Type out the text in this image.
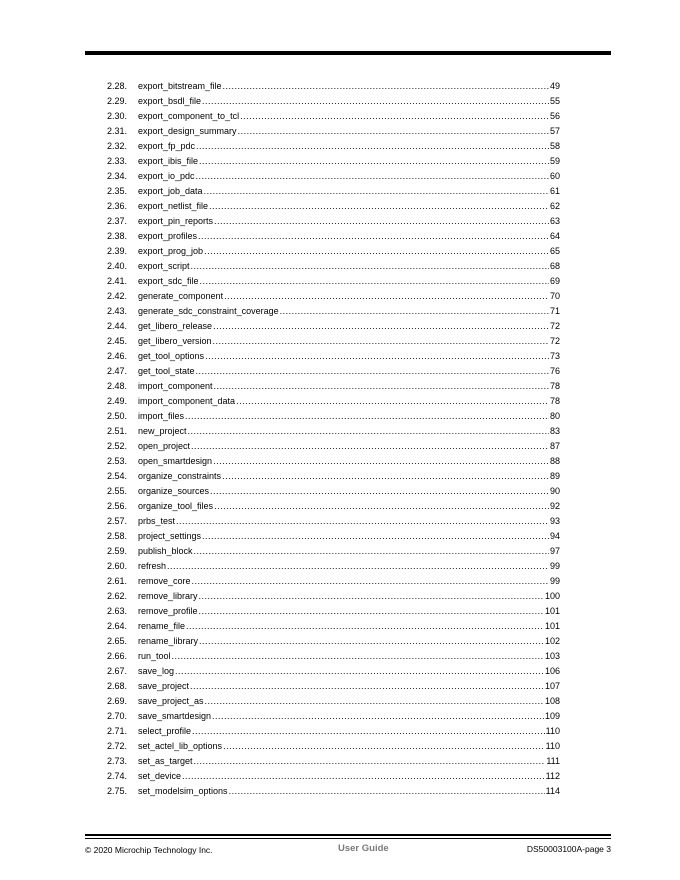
2.28.	export_bitstream_file .....	49
2.29.	export_bsdl_file .....	55
2.30.	export_component_to_tcl .....	56
2.31.	export_design_summary .....	57
2.32.	export_fp_pdc .....	58
2.33.	export_ibis_file .....	59
2.34.	export_io_pdc .....	60
2.35.	export_job_data .....	61
2.36.	export_netlist_file .....	62
2.37.	export_pin_reports .....	63
2.38.	export_profiles .....	64
2.39.	export_prog_job .....	65
2.40.	export_script .....	68
2.41.	export_sdc_file .....	69
2.42.	generate_component .....	70
2.43.	generate_sdc_constraint_coverage .....	71
2.44.	get_libero_release .....	72
2.45.	get_libero_version .....	72
2.46.	get_tool_options .....	73
2.47.	get_tool_state .....	76
2.48.	import_component .....	78
2.49.	import_component_data .....	78
2.50.	import_files .....	80
2.51.	new_project .....	83
2.52.	open_project .....	87
2.53.	open_smartdesign .....	88
2.54.	organize_constraints .....	89
2.55.	organize_sources .....	90
2.56.	organize_tool_files .....	92
2.57.	prbs_test .....	93
2.58.	project_settings .....	94
2.59.	publish_block .....	97
2.60.	refresh .....	99
2.61.	remove_core .....	99
2.62.	remove_library .....	100
2.63.	remove_profile .....	101
2.64.	rename_file .....	101
2.65.	rename_library .....	102
2.66.	run_tool .....	103
2.67.	save_log .....	106
2.68.	save_project .....	107
2.69.	save_project_as .....	108
2.70.	save_smartdesign .....	109
2.71.	select_profile .....	110
2.72.	set_actel_lib_options .....	110
2.73.	set_as_target .....	111
2.74.	set_device .....	112
2.75.	set_modelsim_options .....	114
© 2020 Microchip Technology Inc.	User Guide	DS50003100A-page 3
